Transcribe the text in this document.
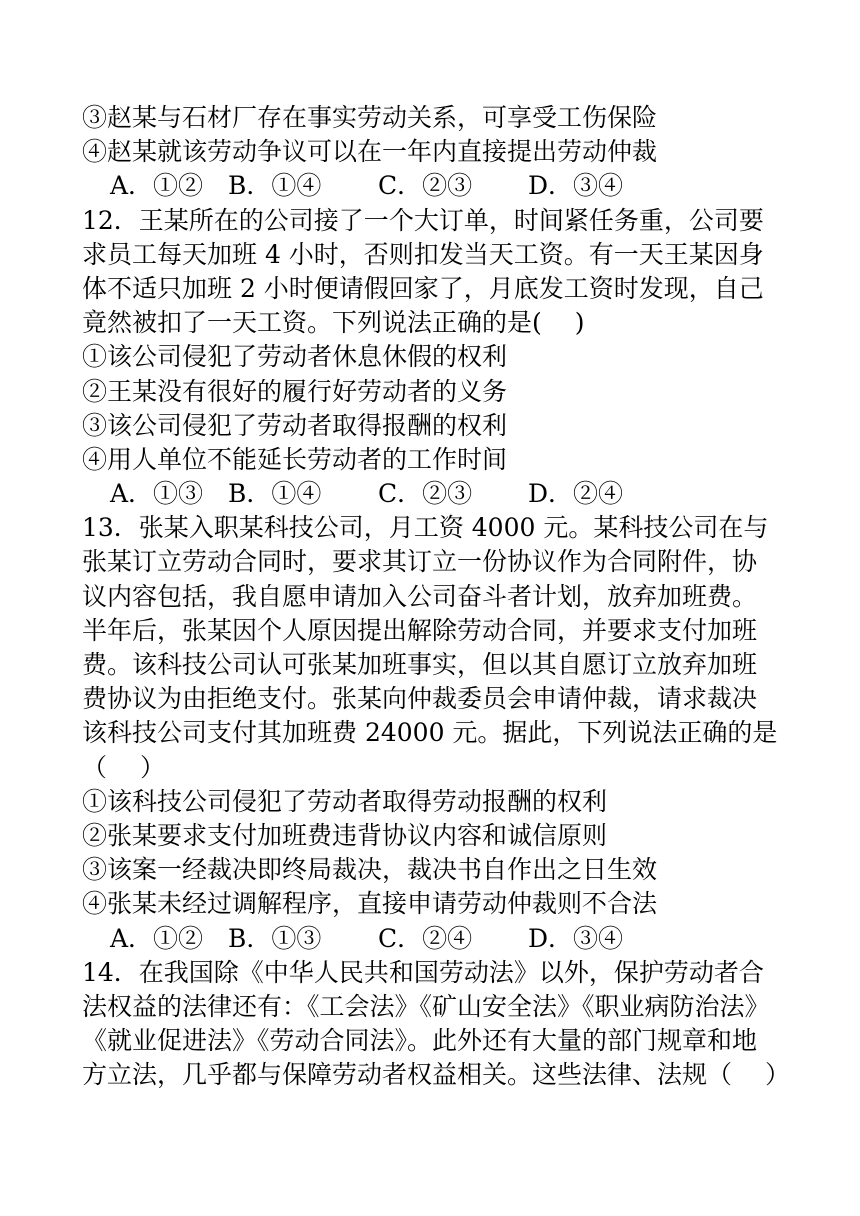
③赵某与石材厂存在事实劳动关系，可享受工伤保险
④赵某就该劳动争议可以在一年内直接提出劳动仲裁
A．①② B．①④	C．②③	D．③④
12．王某所在的公司接了一个大订单，时间紧任务重，公司要
求员工每天加班 4 小时，否则扣发当天工资。有一天王某因身
体不适只加班 2 小时便请假回家了，月底发工资时发现，自己
竟然被扣了一天工资。下列说法正确的是(　 )
①该公司侵犯了劳动者休息休假的权利
②王某没有很好的履行好劳动者的义务
③该公司侵犯了劳动者取得报酬的权利
④用人单位不能延长劳动者的工作时间
A．①③ B．①④	C．②③	D．②④
13．张某入职某科技公司，月工资 4000 元。某科技公司在与
张某订立劳动合同时，要求其订立一份协议作为合同附件，协
议内容包括，我自愿申请加入公司奋斗者计划，放弃加班费。
半年后，张某因个人原因提出解除劳动合同，并要求支付加班
费。该科技公司认可张某加班事实，但以其自愿订立放弃加班
费协议为由拒绝支付。张某向仲裁委员会申请仲裁，请求裁决
该科技公司支付其加班费 24000 元。据此，下列说法正确的是
（　 ）
①该科技公司侵犯了劳动者取得劳动报酬的权利
②张某要求支付加班费违背协议内容和诚信原则
③该案一经裁决即终局裁决，裁决书自作出之日生效
④张某未经过调解程序，直接申请劳动仲裁则不合法
A．①② B．①③	C．②④	D．③④
14．在我国除《中华人民共和国劳动法》以外，保护劳动者合
法权益的法律还有：《工会法》《矿山安全法》《职业病防治法》
《就业促进法》《劳动合同法》。此外还有大量的部门规章和地
方立法，几乎都与保障劳动者权益相关。这些法律、法规（　 ）
